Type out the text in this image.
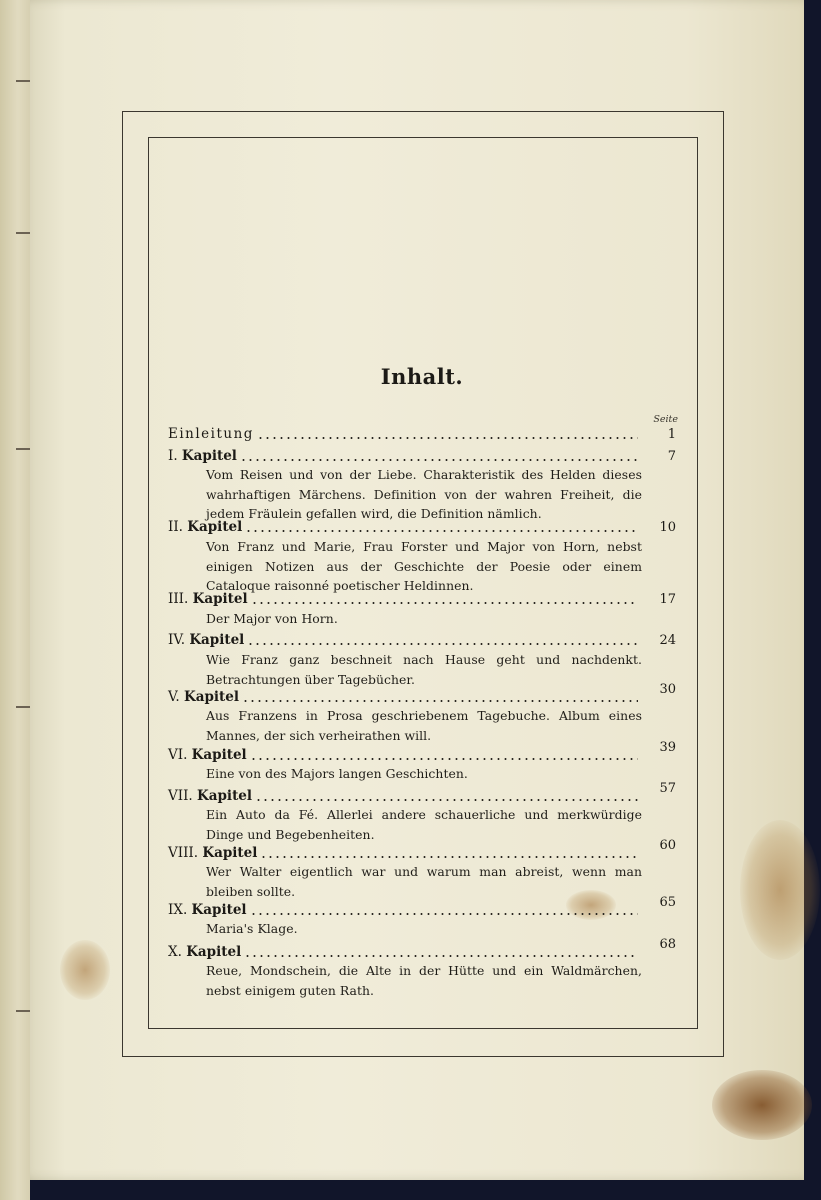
Inhalt.
Seite
Einleitung	1
I. Kapitel	7
Vom Reisen und von der Liebe. Charakteristik des Helden dieses wahrhaftigen Märchens. Definition von der wahren Freiheit, die jedem Fräulein gefallen wird, die Definition nämlich.
II. Kapitel	10
Von Franz und Marie, Frau Forster und Major von Horn, nebst einigen Notizen aus der Geschichte der Poesie oder einem Cataloque raisonné poetischer Heldinnen.
III. Kapitel	17
Der Major von Horn.
IV. Kapitel	24
Wie Franz ganz beschneit nach Hause geht und nachdenkt. Betrachtungen über Tagebücher.
V. Kapitel	30
Aus Franzens in Prosa geschriebenem Tagebuche. Album eines Mannes, der sich verheirathen will.
VI. Kapitel	39
Eine von des Majors langen Geschichten.
VII. Kapitel	57
Ein Auto da Fé. Allerlei andere schauerliche und merkwürdige Dinge und Begebenheiten.
VIII. Kapitel	60
Wer Walter eigentlich war und warum man abreist, wenn man bleiben sollte.
IX. Kapitel	65
Maria's Klage.
X. Kapitel	68
Reue, Mondschein, die Alte in der Hütte und ein Waldmärchen, nebst einigem guten Rath.
